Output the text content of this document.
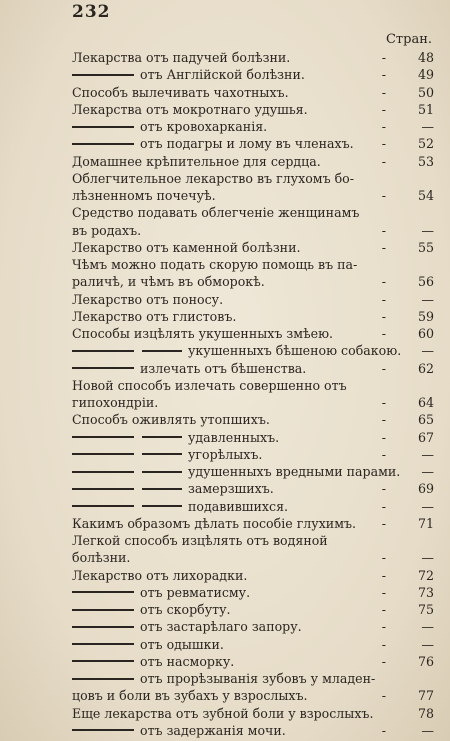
232
Стран.
Лекарства отъ падучей болѣзни.	-	48
отъ Англійской болѣзни.	-	49
Способъ вылечивать чахотныхъ.	-	50
Лекарства отъ мокротнаго удушья.	-	51
отъ кровохарканія.	-	—
отъ подагры и лому въ членахъ. -	52
Домашнее крѣпительное для сердца.	-	53
Облегчительное лекарство въ глухомъ бо-
лѣзненномъ почечуѣ.	-	54
Средство подавать облегченіе женщинамъ
въ родахъ.	-	—
Лекарство отъ каменной болѣзни.	-	55
Чѣмъ можно подать скорую помощь въ па-
раличѣ, и чѣмъ въ обморокѣ.	-	56
Лекарство отъ поносу.	-	—
Лекарство отъ глистовъ.	-	59
Способы изцѣлять укушенныхъ змѣею.	-	60
укушенныхъ бѣшеною собакою.	—
излечать отъ бѣшенства.	-	62
Новой способъ излечать совершенно отъ
гипохондріи.	-	64
Способъ оживлять утопшихъ.	-	65
удавленныхъ.	-	67
угорѣлыхъ.	-	—
удушенныхъ вредными парами.	—
замерзшихъ.	-	69
подавившихся.	-	—
Какимъ образомъ дѣлать пособіе глухимъ. -	71
Легкой способъ изцѣлять отъ водяной
болѣзни.	-	—
Лекарство отъ лихорадки.	-	72
отъ ревматисму.	-	73
отъ скорбуту.	-	75
отъ застарѣлаго запору.	-	—
отъ одышки.	-	—
отъ насморку.	-	76
отъ прорѣзыванія зубовъ у младен-
цовъ и боли въ зубахъ у взрослыхъ.	-	77
Еще лекарства отъ зубной боли у взрослыхъ.	78
отъ задержанія мочи.	-	—
